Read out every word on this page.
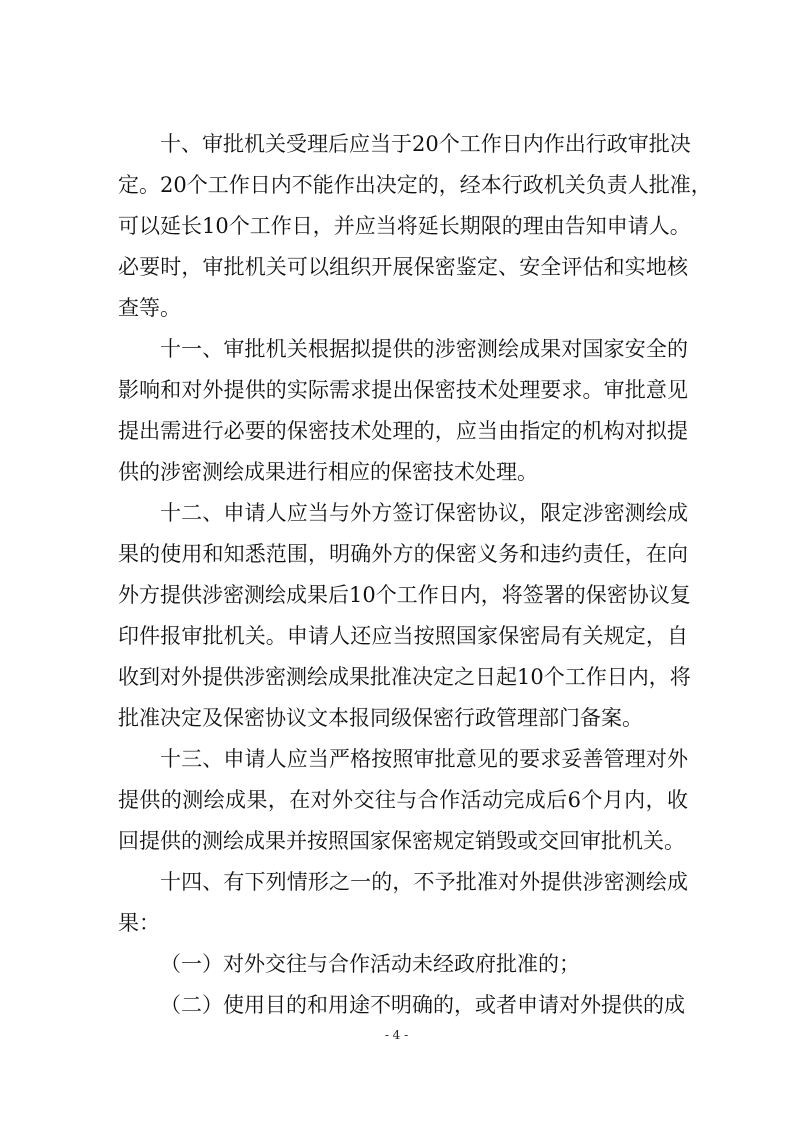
十、审批机关受理后应当于20个工作日内作出行政审批决
定。20个工作日内不能作出决定的，经本行政机关负责人批准，
可以延长10个工作日，并应当将延长期限的理由告知申请人。
必要时，审批机关可以组织开展保密鉴定、安全评估和实地核
查等。

十一、审批机关根据拟提供的涉密测绘成果对国家安全的
影响和对外提供的实际需求提出保密技术处理要求。审批意见
提出需进行必要的保密技术处理的，应当由指定的机构对拟提
供的涉密测绘成果进行相应的保密技术处理。

十二、申请人应当与外方签订保密协议，限定涉密测绘成
果的使用和知悉范围，明确外方的保密义务和违约责任，在向
外方提供涉密测绘成果后10个工作日内，将签署的保密协议复
印件报审批机关。申请人还应当按照国家保密局有关规定，自
收到对外提供涉密测绘成果批准决定之日起10个工作日内，将
批准决定及保密协议文本报同级保密行政管理部门备案。

十三、申请人应当严格按照审批意见的要求妥善管理对外
提供的测绘成果，在对外交往与合作活动完成后6个月内，收
回提供的测绘成果并按照国家保密规定销毁或交回审批机关。

十四、有下列情形之一的，不予批准对外提供涉密测绘成
果：

（一）对外交往与合作活动未经政府批准的；

（二）使用目的和用途不明确的，或者申请对外提供的成

- 4 -
